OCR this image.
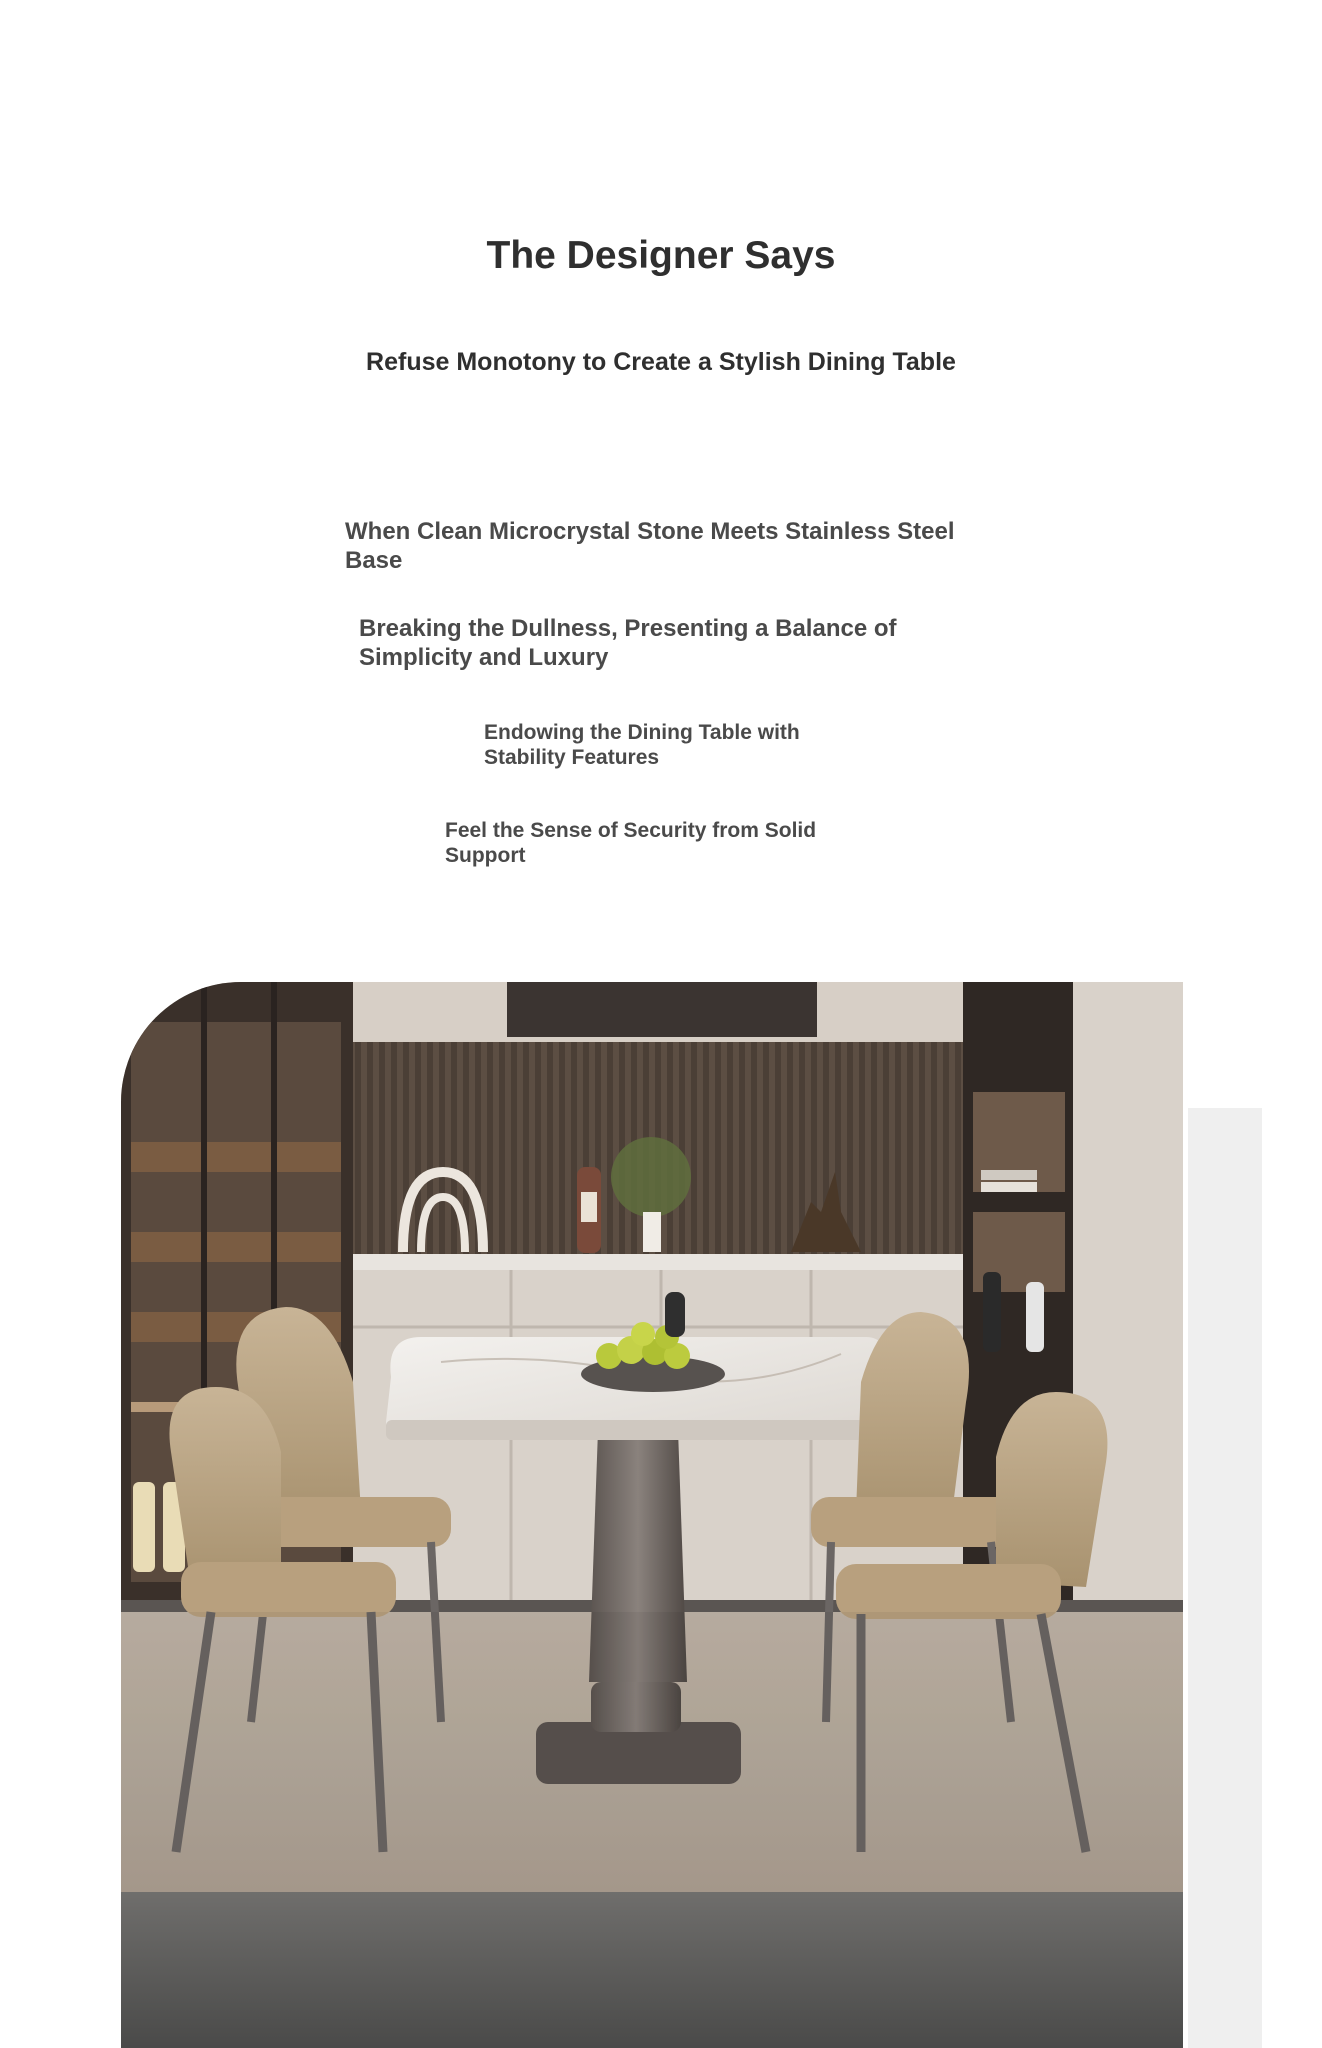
The Designer Says
Refuse Monotony to Create a Stylish Dining Table
When Clean Microcrystal Stone Meets Stainless Steel Base
Breaking the Dullness, Presenting a Balance of Simplicity and Luxury
Endowing the Dining Table with Stability Features
Feel the Sense of Security from Solid Support
